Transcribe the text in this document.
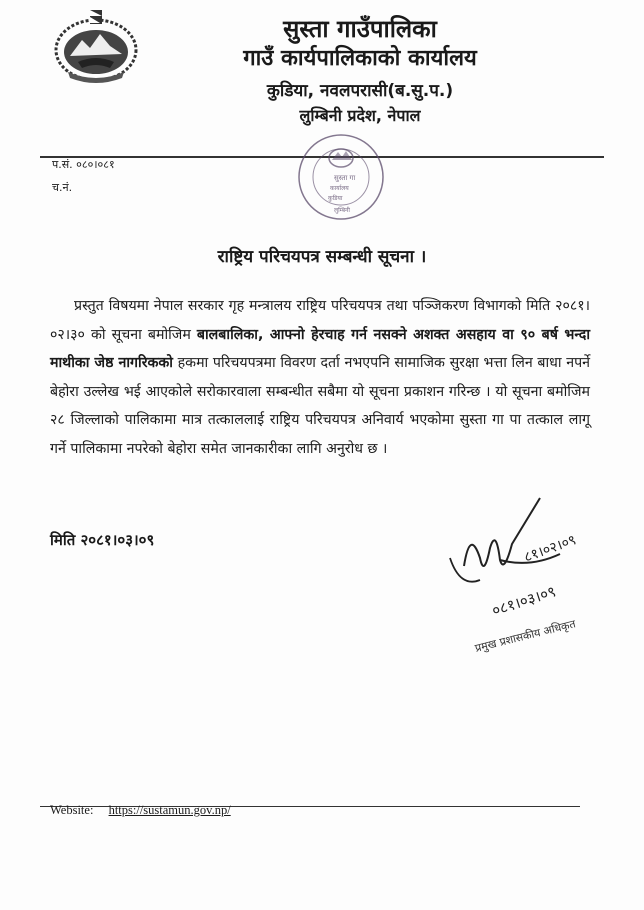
सुस्ता गाउँपालिका
गाउँ कार्यपालिकाको कार्यालय
कुडिया, नवलपरासी(ब.सु.प.)
लुम्बिनी प्रदेश, नेपाल
प.सं. ०८०।०८१
च.नं.
सुस्ता गा
कार्यालय
कुडिया
लुम्बिनी
राष्ट्रिय परिचयपत्र सम्बन्धी सूचना ।
प्रस्तुत विषयमा नेपाल सरकार गृह मन्त्रालय राष्ट्रिय परिचयपत्र तथा पञ्जिकरण विभागको मिति २०८१।०२।३० को सूचना बमोजिम बालबालिका, आफ्नो हेरचाह गर्न नसक्ने अशक्त असहाय वा ९० बर्ष भन्दा माथीका जेष्ठ नागरिकको हकमा परिचयपत्रमा विवरण दर्ता नभएपनि सामाजिक सुरक्षा भत्ता लिन बाधा नपर्ने बेहोरा उल्लेख भई आएकोले सरोकारवाला सम्बन्धीत सबैमा यो सूचना प्रकाशन गरिन्छ । यो सूचना बमोजिम २८ जिल्लाको पालिकामा मात्र तत्काललाई राष्ट्रिय परिचयपत्र अनिवार्य भएकोमा सुस्ता गा पा तत्काल लागू गर्ने पालिकामा नपरेको बेहोरा समेत जानकारीका लागि अनुरोध छ ।
मिति २०८१।०३।०९	८१।०२।०९
०८१।०३।०९
प्रमुख प्रशासकीय अधिकृत
Website: https://sustamun.gov.np/
